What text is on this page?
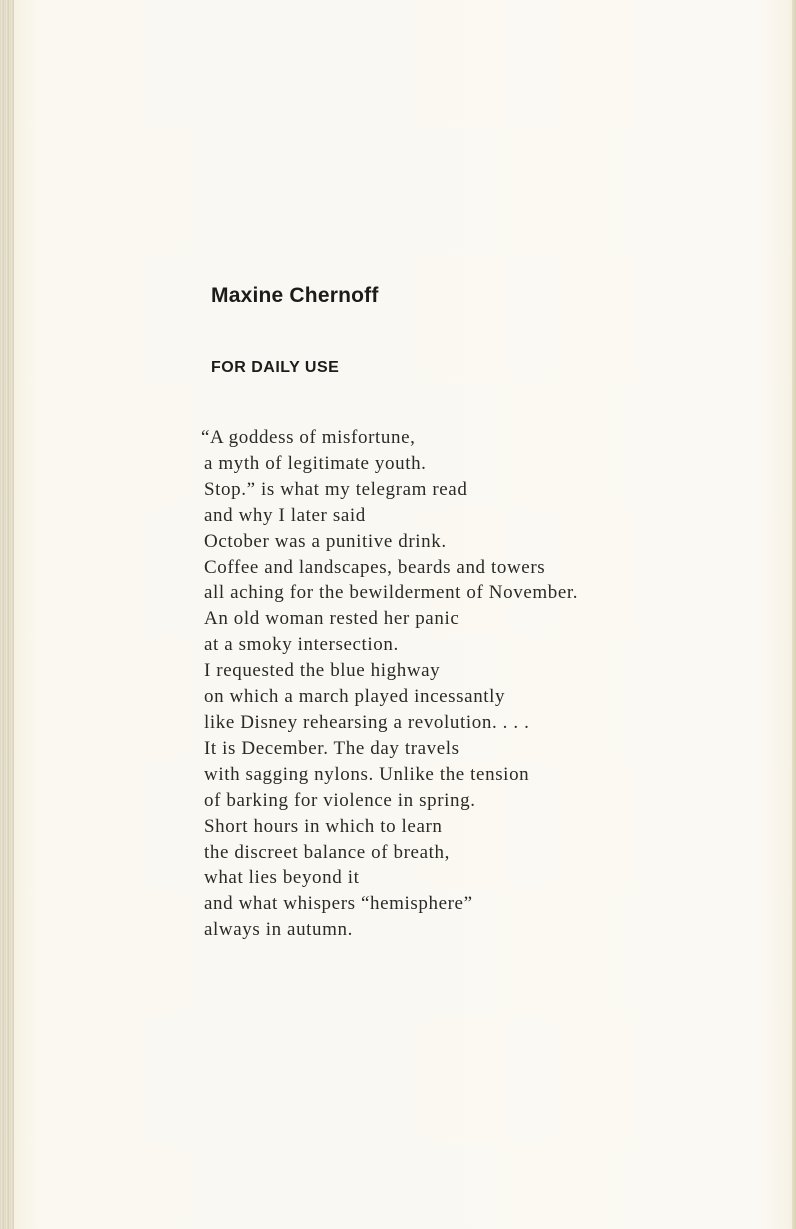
Maxine Chernoff
FOR DAILY USE
“A goddess of misfortune,
a myth of legitimate youth.
Stop.” is what my telegram read
and why I later said
October was a punitive drink.
Coffee and landscapes, beards and towers
all aching for the bewilderment of November.
An old woman rested her panic
at a smoky intersection.
I requested the blue highway
on which a march played incessantly
like Disney rehearsing a revolution. . . .
It is December. The day travels
with sagging nylons. Unlike the tension
of barking for violence in spring.
Short hours in which to learn
the discreet balance of breath,
what lies beyond it
and what whispers “hemisphere”
always in autumn.
